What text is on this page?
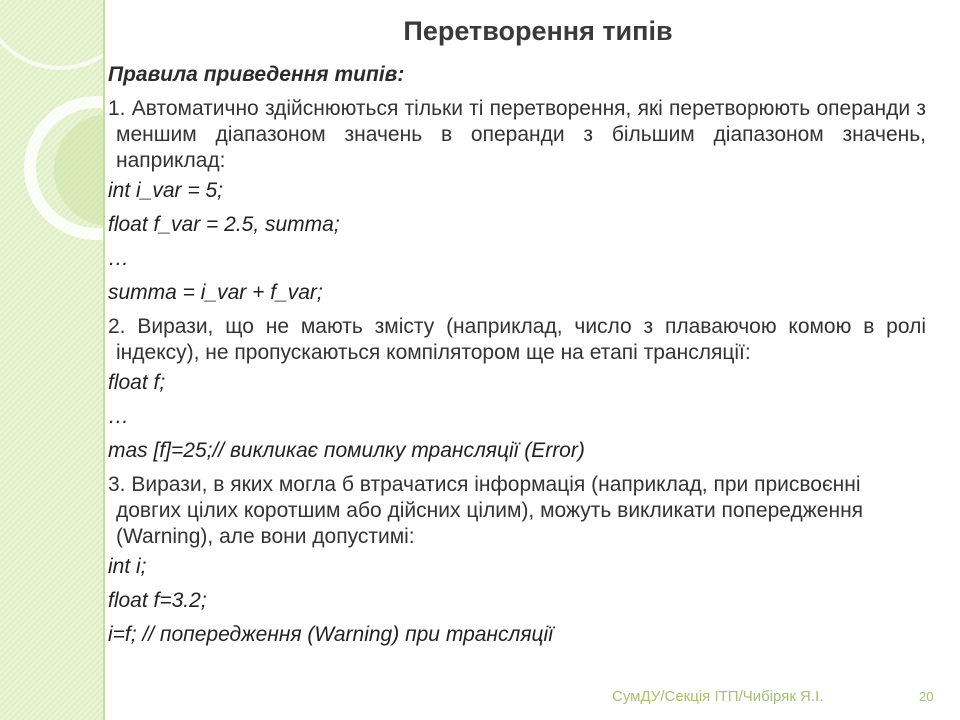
Перетворення типів
Правила приведення типів:
1. Автоматично здійснюються тільки ті перетворення, які перетворюють операнди з меншим діапазоном значень в операнди з більшим діапазоном значень, наприклад:
int i_var = 5;
float f_var = 2.5, summa;
…
summa = i_var + f_var;
2. Вирази, що не мають змісту (наприклад, число з плаваючою комою в ролі індексу), не пропускаються компілятором ще на етапі трансляції:
float f;
…
mas [f]=25;// викликає помилку трансляції (Error)
3. Вирази, в яких могла б втрачатися інформація (наприклад, при присвоєнні довгих цілих коротшим або дійсних цілим), можуть викликати попередження (Warning), але вони допустимі:
int i;
float f=3.2;
i=f; // попередження (Warning) при трансляції
СумДУ/Секція ІТП/Чибіряк Я.І.	20
